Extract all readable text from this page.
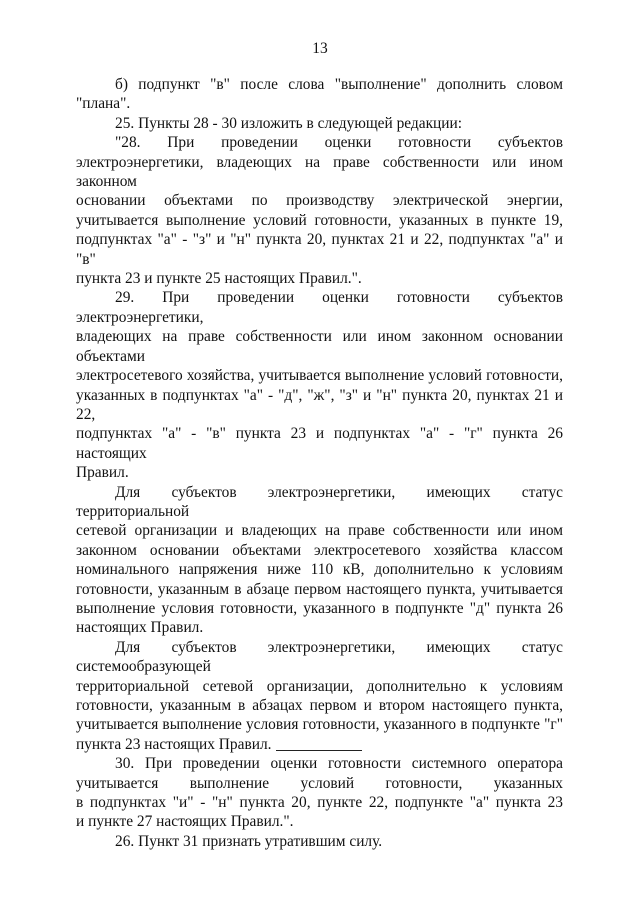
13

б) подпункт "в" после слова "выполнение" дополнить словом

"плана".

25. Пункты 28 - 30 изложить в следующей редакции:

"28. При проведении оценки готовности субъектов

электроэнергетики, владеющих на праве собственности или ином законном

основании объектами по производству электрической энергии,

учитывается выполнение условий готовности, указанных в пункте 19,

подпунктах "а" - "з" и "н" пункта 20, пунктах 21 и 22, подпунктах "а" и "в"

пункта 23 и пункте 25 настоящих Правил.".

29. При проведении оценки готовности субъектов электроэнергетики,

владеющих на праве собственности или ином законном основании объектами

электросетевого хозяйства, учитывается выполнение условий готовности,

указанных в подпунктах "а" - "д", "ж", "з" и "н" пункта 20, пунктах 21 и 22,

подпунктах "а" - "в" пункта 23 и подпунктах "а" - "г" пункта 26 настоящих

Правил.

Для субъектов электроэнергетики, имеющих статус территориальной

сетевой организации и владеющих на праве собственности или ином

законном основании объектами электросетевого хозяйства классом

номинального напряжения ниже 110 кВ, дополнительно к условиям

готовности, указанным в абзаце первом настоящего пункта, учитывается

выполнение условия готовности, указанного в подпункте "д" пункта 26

настоящих Правил.

Для субъектов электроэнергетики, имеющих статус системообразующей

территориальной сетевой организации, дополнительно к условиям

готовности, указанным в абзацах первом и втором настоящего пункта,

учитывается выполнение условия готовности, указанного в подпункте "г"

пункта 23 настоящих Правил.

30. При проведении оценки готовности системного оператора

учитывается выполнение условий готовности, указанных

в подпунктах "и" - "н" пункта 20, пункте 22, подпункте "а" пункта 23

и пункте 27 настоящих Правил.".

26. Пункт 31 признать утратившим силу.
